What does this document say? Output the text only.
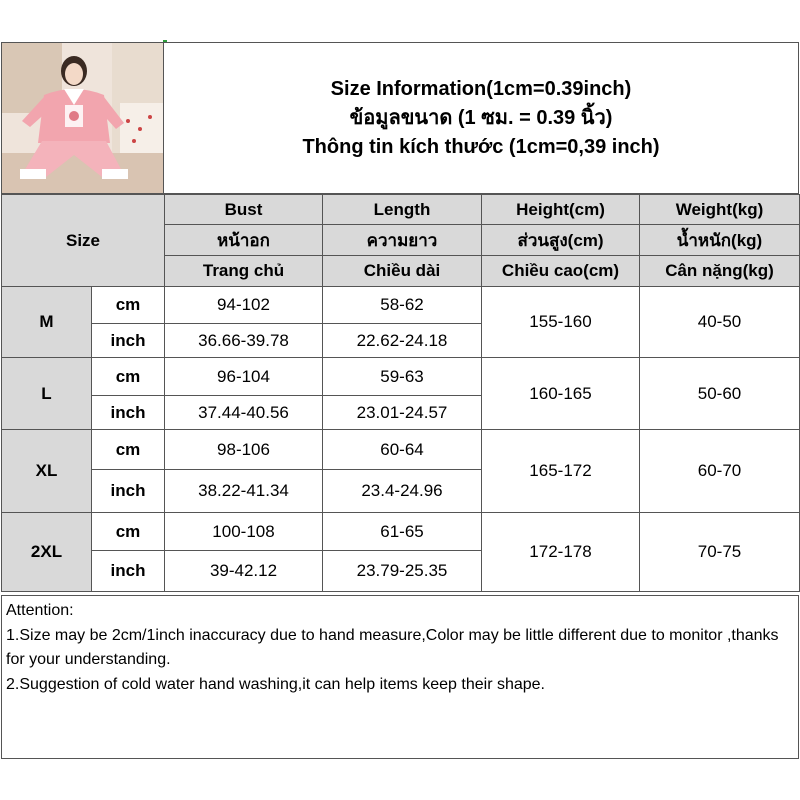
Size Information(1cm=0.39inch)
ข้อมูลขนาด (1 ซม. = 0.39 นิ้ว)
Thông tin kích thước (1cm=0,39 inch)
Size		Bust	Length	Height(cm)	Weight(kg)
		หน้าอก	ความยาว	ส่วนสูง(cm)	น้ำหนัก(kg)
		Trang chủ	Chiều dài	Chiều cao(cm)	Cân nặng(kg)
M	cm	94-102	58-62	155-160	40-50
	inch	36.66-39.78	22.62-24.18		
L	cm	96-104	59-63	160-165	50-60
	inch	37.44-40.56	23.01-24.57		
XL	cm	98-106	60-64	165-172	60-70
	inch	38.22-41.34	23.4-24.96		
2XL	cm	100-108	61-65	172-178	70-75
	inch	39-42.12	23.79-25.35		
Attention:
1.Size may be 2cm/1inch inaccuracy due to hand measure,Color may be little different due to monitor ,thanks for your understanding.
2.Suggestion of cold water hand washing,it can help items keep their shape.
